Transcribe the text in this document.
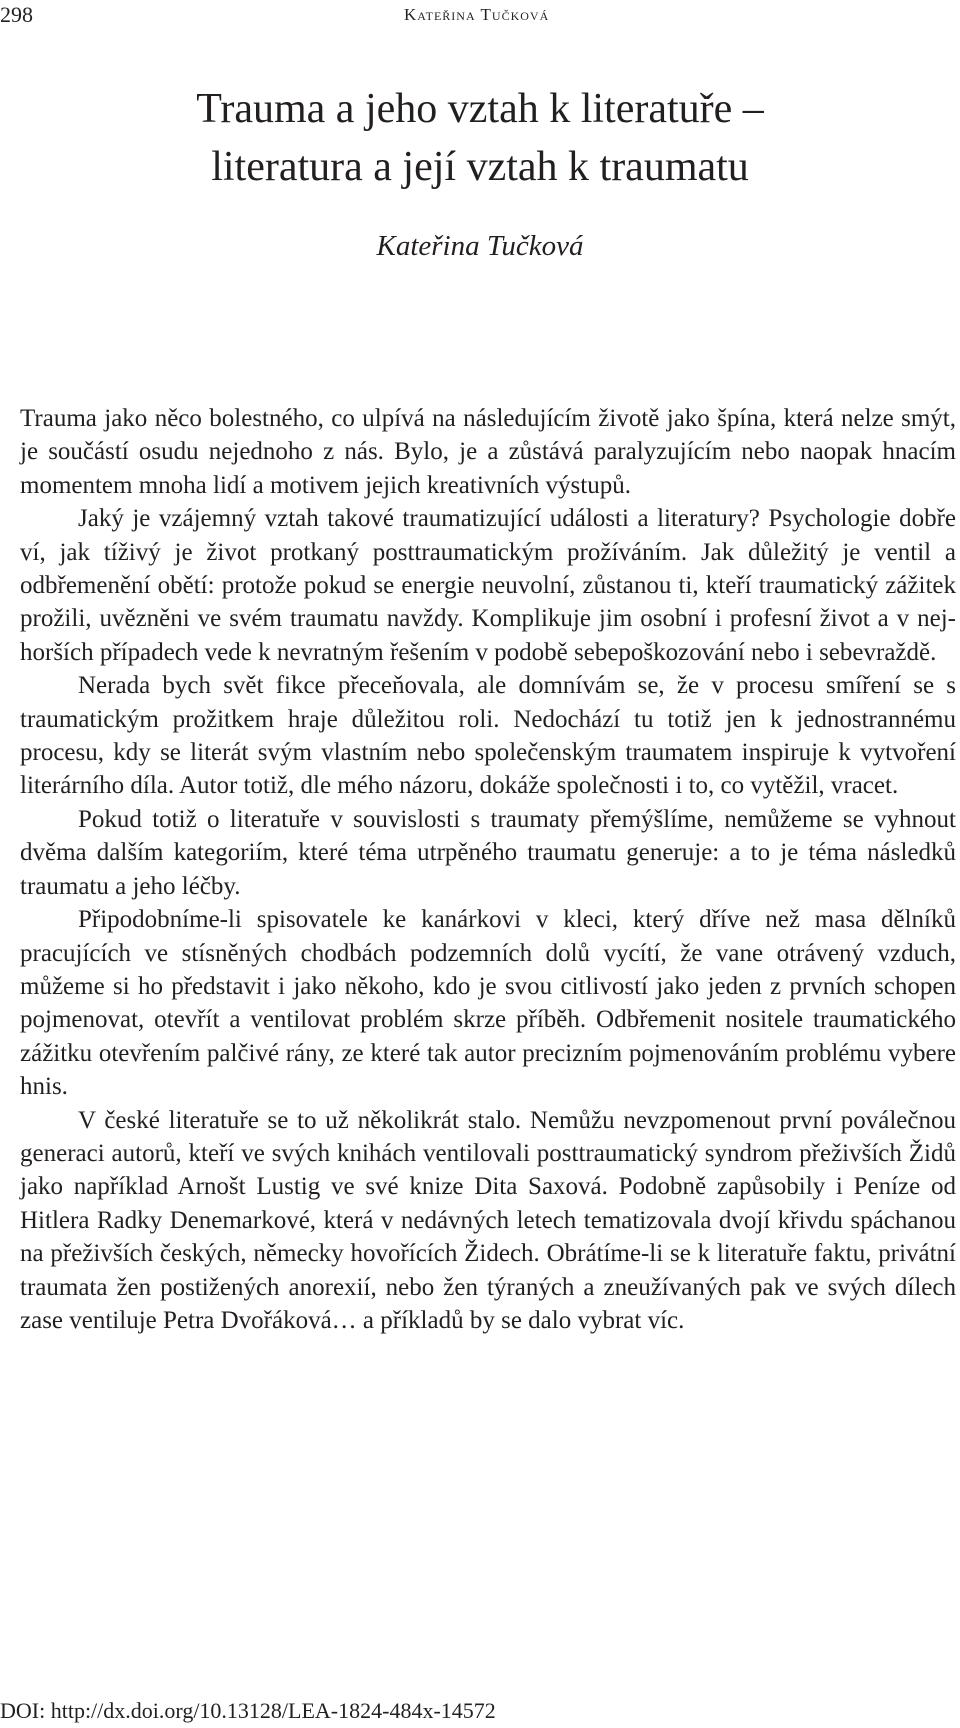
298	Kateřina Tučková
Trauma a jeho vztah k literatuře –
literatura a její vztah k traumatu

Kateřina Tučková

Trauma jako něco bolestného, co ulpívá na následujícím životě jako špína, která nelze smýt, je součástí osudu nejednoho z nás. Bylo, je a zůstává paralyzujícím nebo naopak hnacím momentem mnoha lidí a motivem jejich kreativních výstupů.

Jaký je vzájemný vztah takové traumatizující události a literatury? Psychologie dobře ví, jak tíživý je život protkaný posttraumatickým prožíváním. Jak důležitý je ventil a odbřemenění obětí: protože pokud se energie neuvolní, zůstanou ti, kteří traumatický zážitek prožili, uvězněni ve svém traumatu navždy. Komplikuje jim osobní i profesní život a v nejhorších případech vede k nevratným řešením v podobě sebepoškozování nebo i sebevraždě.

Nerada bych svět fikce přeceňovala, ale domnívám se, že v procesu smíření se s traumatickým prožitkem hraje důležitou roli. Nedochází tu totiž jen k jednostrannému procesu, kdy se literát svým vlastním nebo společenským traumatem inspiruje k vytvoření literárního díla. Autor totiž, dle mého názoru, dokáže společnosti i to, co vytěžil, vracet.

Pokud totiž o literatuře v souvislosti s traumaty přemýšlíme, nemůžeme se vyhnout dvěma dalším kategoriím, které téma utrpěného traumatu generuje: a to je téma následků traumatu a jeho léčby.

Připodobníme-li spisovatele ke kanárkovi v kleci, který dříve než masa dělníků pracujících ve stísněných chodbách podzemních dolů vycítí, že vane otrávený vzduch, můžeme si ho představit i jako někoho, kdo je svou citlivostí jako jeden z prvních schopen pojmenovat, otevřít a ventilovat problém skrze příběh. Odbřemenit nositele traumatického zážitku otevřením palčivé rány, ze které tak autor precizním pojmenováním problému vybere hnis.

V české literatuře se to už několikrát stalo. Nemůžu nevzpomenout první poválečnou generaci autorů, kteří ve svých knihách ventilovali posttraumatický syndrom přeživších Židů jako například Arnošt Lustig ve své knize Dita Saxová. Podobně zapůsobily i Peníze od Hitlera Radky Denemarkové, která v nedávných letech tematizovala dvojí křivdu spáchanou na přeživších českých, německy hovořících Židech. Obrátíme-li se k literatuře faktu, privátní traumata žen postižených anorexií, nebo žen týraných a zneužívaných pak ve svých dílech zase ventiluje Petra Dvořáková… a příkladů by se dalo vybrat víc.

DOI: http://dx.doi.org/10.13128/LEA-1824-484x-14572
